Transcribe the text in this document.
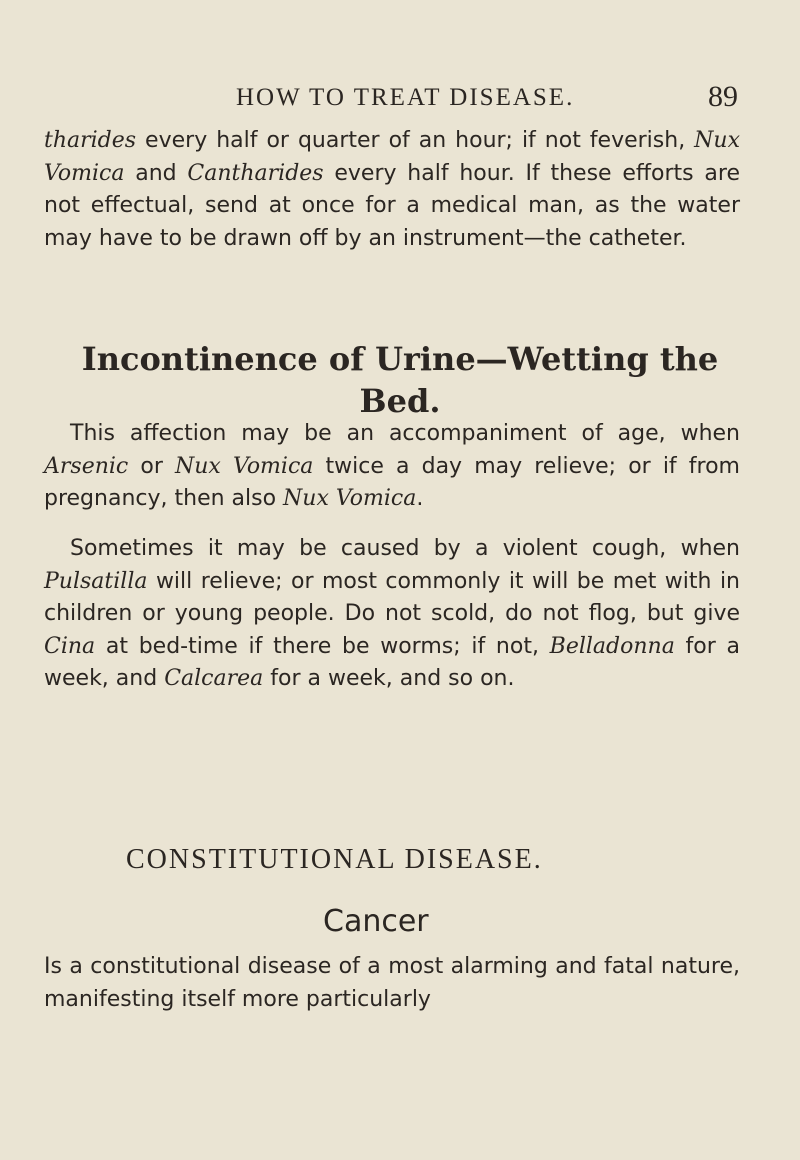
HOW TO TREAT DISEASE.	89

tharides every half or quarter of an hour; if not feverish, Nux Vomica and Cantharides every half hour. If these efforts are not effectual, send at once for a medical man, as the water may have to be drawn off by an instrument—the catheter.

Incontinence of Urine—Wetting the
Bed.

This affection may be an accompaniment of age, when Arsenic or Nux Vomica twice a day may relieve; or if from pregnancy, then also Nux Vomica.

Sometimes it may be caused by a violent cough, when Pulsatilla will relieve; or most commonly it will be met with in children or young people. Do not scold, do not flog, but give Cina at bed-time if there be worms; if not, Belladonna for a week, and Calcarea for a week, and so on.

CONSTITUTIONAL DISEASE.
Cancer

Is a constitutional disease of a most alarming and fatal nature, manifesting itself more particularly
